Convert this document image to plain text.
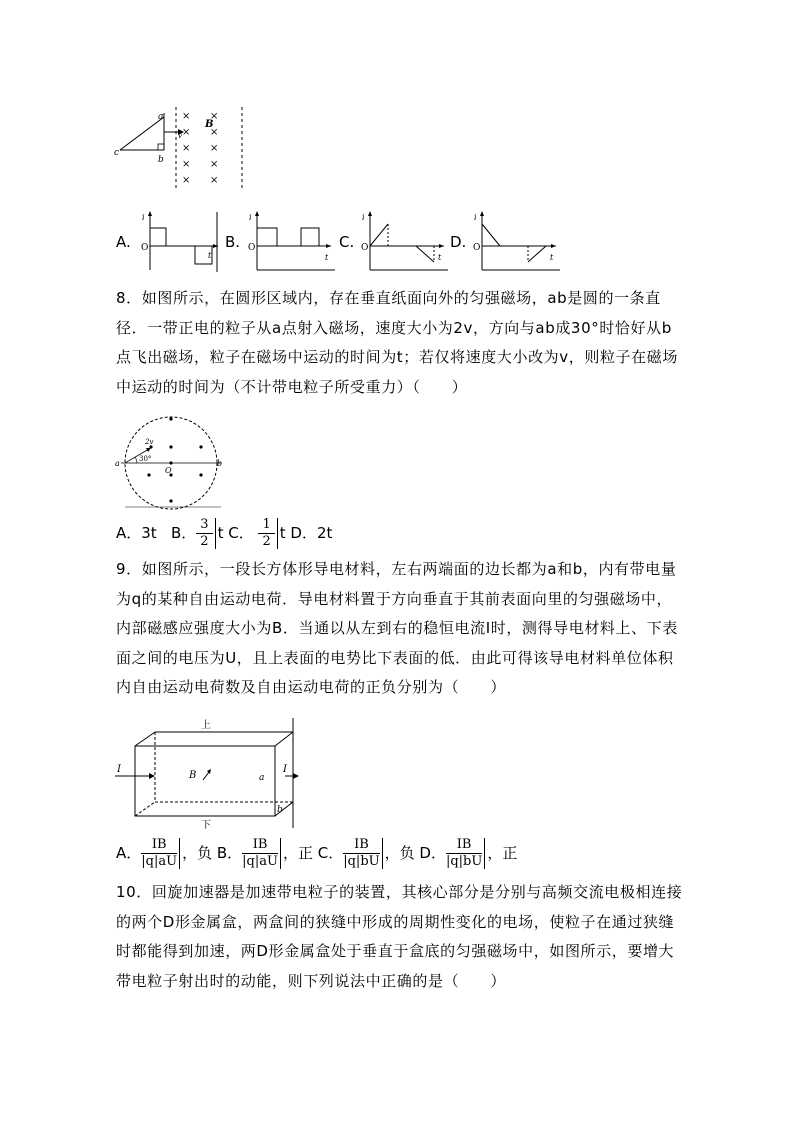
a
b
c
v
× ×
× ×
× ×
× ×
× ×
B
A.
i
O
t
B.
i
O
t
C.
i
O
t
D.
i
O
t
8．如图所示，在圆形区域内，存在垂直纸面向外的匀强磁场，ab是圆的一条直径．一带正电的粒子从a点射入磁场，速度大小为2v，方向与ab成30°时恰好从b点飞出磁场，粒子在磁场中运动的时间为t；若仅将速度大小改为v，则粒子在磁场中运动的时间为（不计带电粒子所受重力）（　　）
a	b
O
2v
30°
A．3t B． $\frac{3}{2}$ t C． $\frac{1}{2}$ t D．2t
9．如图所示，一段长方体形导电材料，左右两端面的边长都为a和b，内有带电量为q的某种自由运动电荷．导电材料置于方向垂直于其前表面向里的匀强磁场中，内部磁感应强度大小为B．当通以从左到右的稳恒电流I时，测得导电材料上、下表面之间的电压为U，且上表面的电势比下表面的低．由此可得该导电材料单位体积内自由运动电荷数及自由运动电荷的正负分别为（　　）
上
下
I	I
B	a
b
A． $\frac{IB}{|q|aU}$ ，负 B． $\frac{IB}{|q|aU}$ ，正 C． $\frac{IB}{|q|bU}$ ，负 D． $\frac{IB}{|q|bU}$ ，正
10．回旋加速器是加速带电粒子的装置，其核心部分是分别与高频交流电极相连接的两个D形金属盒，两盒间的狭缝中形成的周期性变化的电场，使粒子在通过狭缝时都能得到加速，两D形金属盒处于垂直于盒底的匀强磁场中，如图所示，要增大带电粒子射出时的动能，则下列说法中正确的是（　　）
